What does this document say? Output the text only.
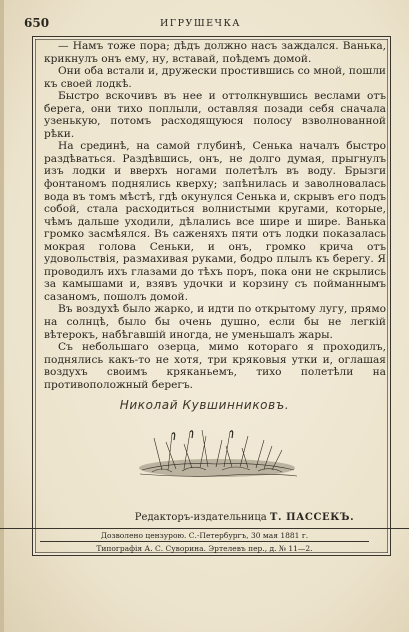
650	ИГРУШЕЧКА

— Намъ тоже пора; дѣдъ должно насъ заждался. Ванька, крикнулъ онъ ему, ну, вставай, поѣдемъ домой.

Они оба встали и, дружески простившись со мной, пошли къ своей лодкѣ.

Быстро вскочивъ въ нее и оттолкнувшись веслами отъ берега, они тихо поплыли, оставляя позади себя сначала узенькую, потомъ расходящуюся полосу взволнованной рѣки.

На срединѣ, на самой глубинѣ, Сенька началъ быстро раздѣваться. Раздѣвшись, онъ, не долго думая, прыгнулъ изъ лодки и вверхъ ногами полетѣлъ въ воду. Брызги фонтаномъ поднялись кверху; запѣнилась и заволновалась вода въ томъ мѣстѣ, гдѣ окунулся Сенька и, скрывъ его подъ собой, стала расходиться волнистыми кругами, которые, чѣмъ дальше уходили, дѣлались все шире и шире. Ванька громко засмѣялся. Въ саженяхъ пяти отъ лодки показалась мокрая голова Сеньки, и онъ, громко крича отъ удовольствія, размахивая руками, бодро плылъ къ берегу. Я проводилъ ихъ глазами до тѣхъ поръ, пока они не скрылись за камышами и, взявъ удочки и корзину съ пойманнымъ сазаномъ, пошолъ домой.

Въ воздухѣ было жарко, и идти по открытому лугу, прямо на солнцѣ, было бы очень душно, если бы не легкій вѣтерокъ, набѣгавшій иногда, не уменьшалъ жары.

Съ небольшаго озерца, мимо котораго я проходилъ, поднялись какъ-то не хотя, три кряковыя утки и, оглашая воздухъ своимъ кряканьемъ, тихо полетѣли на противоположный берегъ.

Николай Кувшинниковъ.
Редакторъ-издательница Т. ПАССЕКЪ.
Дозволено цензурою. С.-Петербургъ, 30 мая 1881 г.
Типографія А. С. Суворина. Эртелевъ пер., д. № 11—2.
